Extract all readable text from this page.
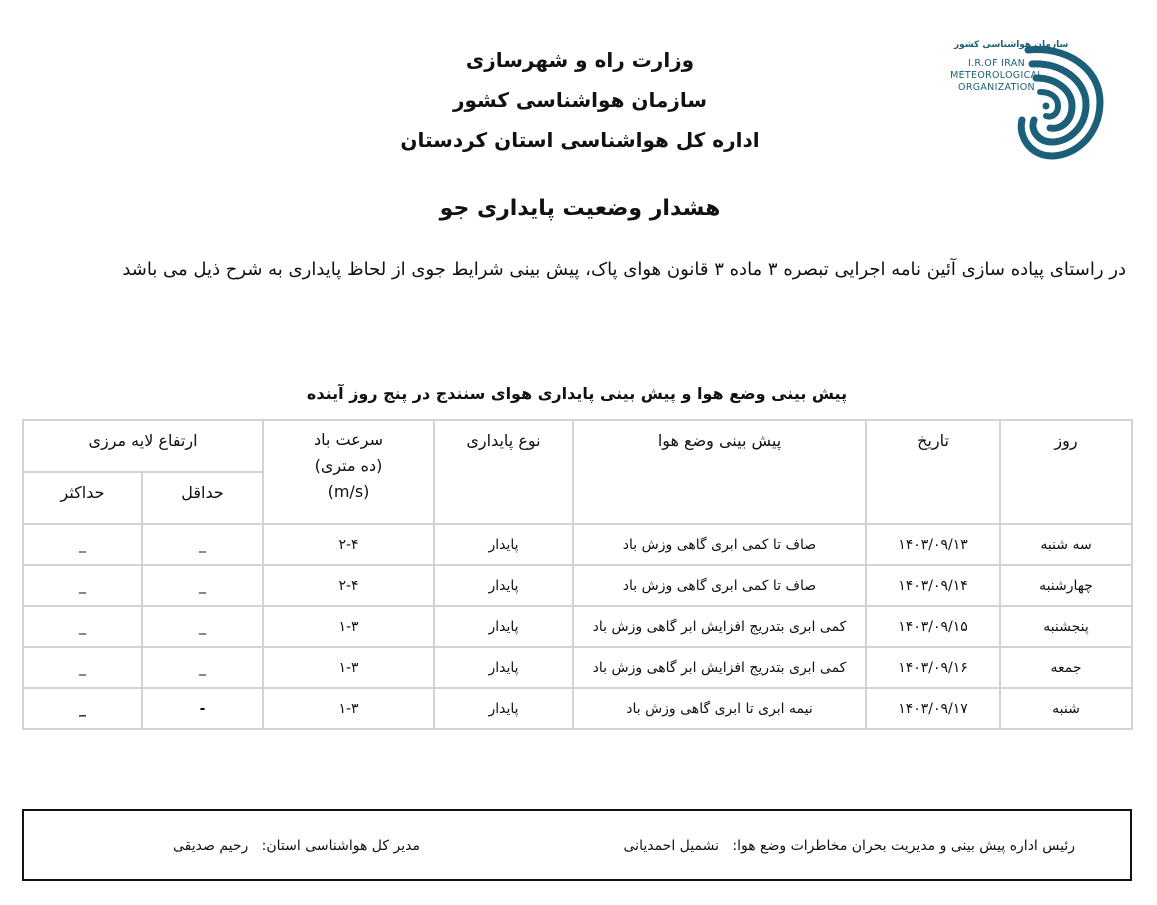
وزارت راه و شهرسازی
سازمان هواشناسی کشور
اداره کل هواشناسی استان کردستان
سازمان هواشناسی کشور
I.R.OF IRAN
METEOROLOGICAL
ORGANIZATION
هشدار وضعیت پایداری جو
در راستای پیاده سازی آئین نامه اجرایی تبصره ۳ ماده ۳ قانون هوای پاک، پیش بینی شرایط جوی از لحاظ پایداری به شرح ذیل می باشد
پیش بینی وضع هوا و پیش بینی پایداری هوای سنندج در پنج روز آینده
روز	تاریخ	پیش بینی وضع هوا	نوع پایداری	سرعت باد
(ده متری)
(m/s)	ارتفاع لایه مرزی	
					حداقل	حداکثر
سه شنبه	۱۴۰۳/۰۹/۱۳	صاف تا کمی ابری گاهی وزش باد	پایدار	۲-۴	_	_
چهارشنبه	۱۴۰۳/۰۹/۱۴	صاف تا کمی ابری گاهی وزش باد	پایدار	۲-۴	_	_
پنجشنبه	۱۴۰۳/۰۹/۱۵	کمی ابری بتدریج افزایش ابر گاهی وزش باد	پایدار	۱-۳	_	_
جمعه	۱۴۰۳/۰۹/۱۶	کمی ابری بتدریج افزایش ابر گاهی وزش باد	پایدار	۱-۳	_	_
شنبه	۱۴۰۳/۰۹/۱۷	نیمه ابری تا ابری گاهی وزش باد	پایدار	۱-۳	-	_
رئیس اداره پیش بینی و مدیریت بحران مخاطرات وضع هوا:   نشمیل احمدیانی
مدیر کل هواشناسی استان:   رحیم صدیقی
